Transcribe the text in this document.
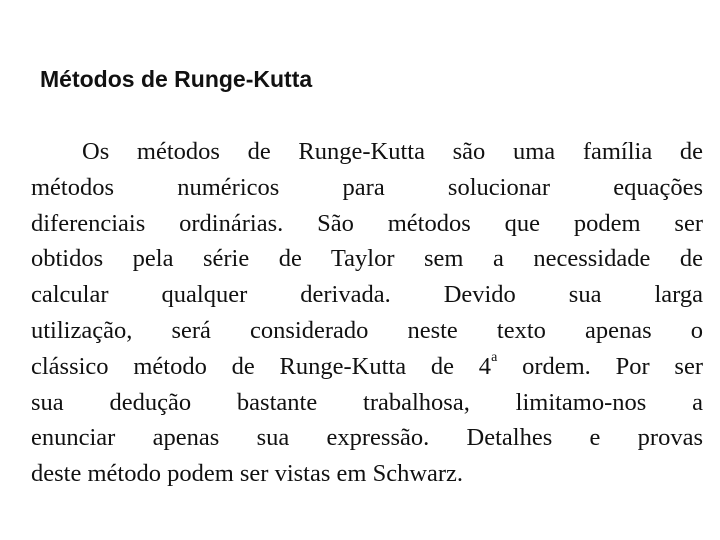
Métodos de Runge-Kutta
Os métodos de Runge-Kutta são uma família de
métodos numéricos para solucionar equações
diferenciais ordinárias. São métodos que podem ser
obtidos pela série de Taylor sem a necessidade de
calcular qualquer derivada. Devido sua larga
utilização, será considerado neste texto apenas o
clássico método de Runge-Kutta de 4$^a$ ordem. Por ser
sua dedução bastante trabalhosa, limitamo-nos a
enunciar apenas sua expressão. Detalhes e provas
deste método podem ser vistas em Schwarz.
